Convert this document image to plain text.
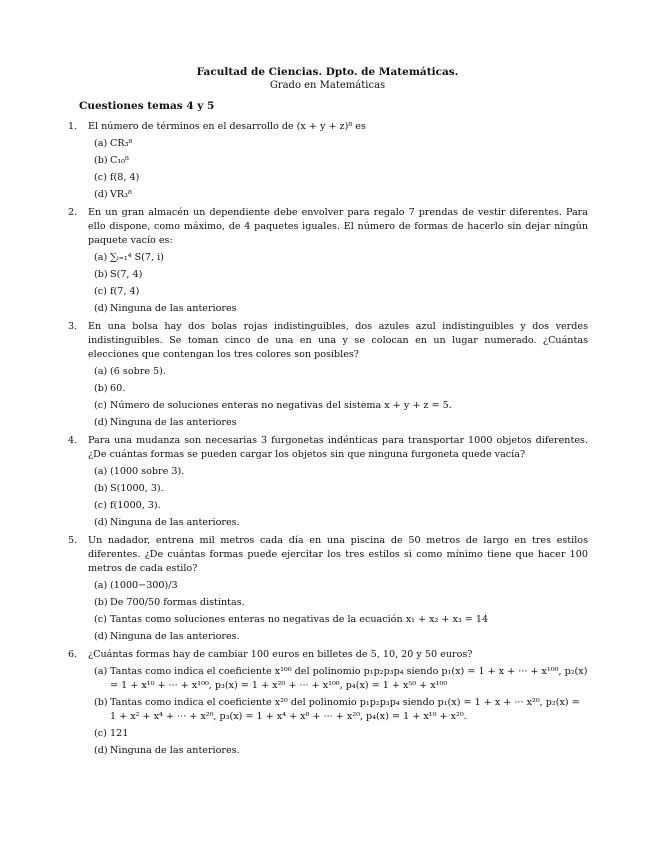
Facultad de Ciencias. Dpto. de Matemáticas.
Grado en Matemáticas
Cuestiones temas 4 y 5
1. El número de términos en el desarrollo de (x + y + z)⁸ es
(a) CR₃⁸
(b) C₁₀⁸
(c) f(8, 4)
(d) VR₃⁸
2. En un gran almacén un dependiente debe envolver para regalo 7 prendas de vestir diferentes. Para ello dispone, como máximo, de 4 paquetes iguales. El número de formas de hacerlo sin dejar ningún paquete vacío es:
(a) ∑ᵢ₌₁⁴ S(7, i)
(b) S(7, 4)
(c) f(7, 4)
(d) Ninguna de las anteriores
3. En una bolsa hay dos bolas rojas indistinguibles, dos azules azul indistinguibles y dos verdes indistinguibles. Se toman cinco de una en una y se colocan en un lugar numerado. ¿Cuántas elecciones que contengan los tres colores son posibles?
(a) (6 sobre 5).
(b) 60.
(c) Número de soluciones enteras no negativas del sistema x + y + z = 5.
(d) Ninguna de las anteriores
4. Para una mudanza son necesarias 3 furgonetas indénticas para transportar 1000 objetos diferentes. ¿De cuántas formas se pueden cargar los objetos sin que ninguna furgoneta quede vacía?
(a) (1000 sobre 3).
(b) S(1000, 3).
(c) f(1000, 3).
(d) Ninguna de las anteriores.
5. Un nadador, entrena mil metros cada día en una piscina de 50 metros de largo en tres estilos diferentes. ¿De cuántas formas puede ejercitar los tres estilos si como mínimo tiene que hacer 100 metros de cada estilo?
(a) (1000−300)/3
(b) De 700/50 formas distintas.
(c) Tantas como soluciones enteras no negativas de la ecuación x₁ + x₂ + x₃ = 14
(d) Ninguna de las anteriores.
6. ¿Cuántas formas hay de cambiar 100 euros en billetes de 5, 10, 20 y 50 euros?
(a) Tantas como indica el coeficiente x¹⁰⁰ del polinomio p₁p₂p₃p₄ siendo p₁(x) = 1 + x + ··· + x¹⁰⁰, p₂(x) = 1 + x¹⁰ + ··· + x¹⁰⁰, p₃(x) = 1 + x²⁰ + ··· + x¹⁰⁰, p₄(x) = 1 + x⁵⁰ + x¹⁰⁰
(b) Tantas como indica el coeficiente x²⁰ del polinomio p₁p₂p₃p₄ siendo p₁(x) = 1 + x + ··· x²⁰, p₂(x) = 1 + x² + x⁴ + ··· + x²⁰, p₃(x) = 1 + x⁴ + x⁸ + ··· + x²⁰, p₄(x) = 1 + x¹⁰ + x²⁰.
(c) 121
(d) Ninguna de las anteriores.
